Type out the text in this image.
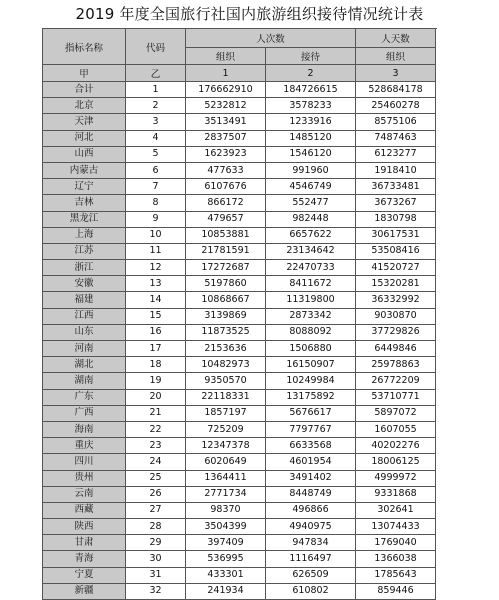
2019 年度全国旅行社国内旅游组织接待情况统计表
指标名称	代码	人次数		人天数	
		组织	接待	组织	
甲	乙	1	2	3	
合计	1	176662910	184726615	528684178	
北京	2	5232812	3578233	25460278	
天津	3	3513491	1233916	8575106	
河北	4	2837507	1485120	7487463	
山西	5	1623923	1546120	6123277	
内蒙古	6	477633	991960	1918410	
辽宁	7	6107676	4546749	36733481	
吉林	8	866172	552477	3673267	
黑龙江	9	479657	982448	1830798	
上海	10	10853881	6657622	30617531	
江苏	11	21781591	23134642	53508416	
浙江	12	17272687	22470733	41520727	
安徽	13	5197860	8411672	15320281	
福建	14	10868667	11319800	36332992	
江西	15	3139869	2873342	9030870	
山东	16	11873525	8088092	37729826	
河南	17	2153636	1506880	6449846	
湖北	18	10482973	16150907	25978863	
湖南	19	9350570	10249984	26772209	
广东	20	22118331	13175892	53710771	
广西	21	1857197	5676617	5897072	
海南	22	725209	7797767	1607055	
重庆	23	12347378	6633568	40202276	
四川	24	6020649	4601954	18006125	
贵州	25	1364411	3491402	4999972	
云南	26	2771734	8448749	9331868	
西藏	27	98370	496866	302641	
陕西	28	3504399	4940975	13074433	
甘肃	29	397409	947834	1769040	
青海	30	536995	1116497	1366038	
宁夏	31	433301	626509	1785643	
新疆	32	241934	610802	859446	
